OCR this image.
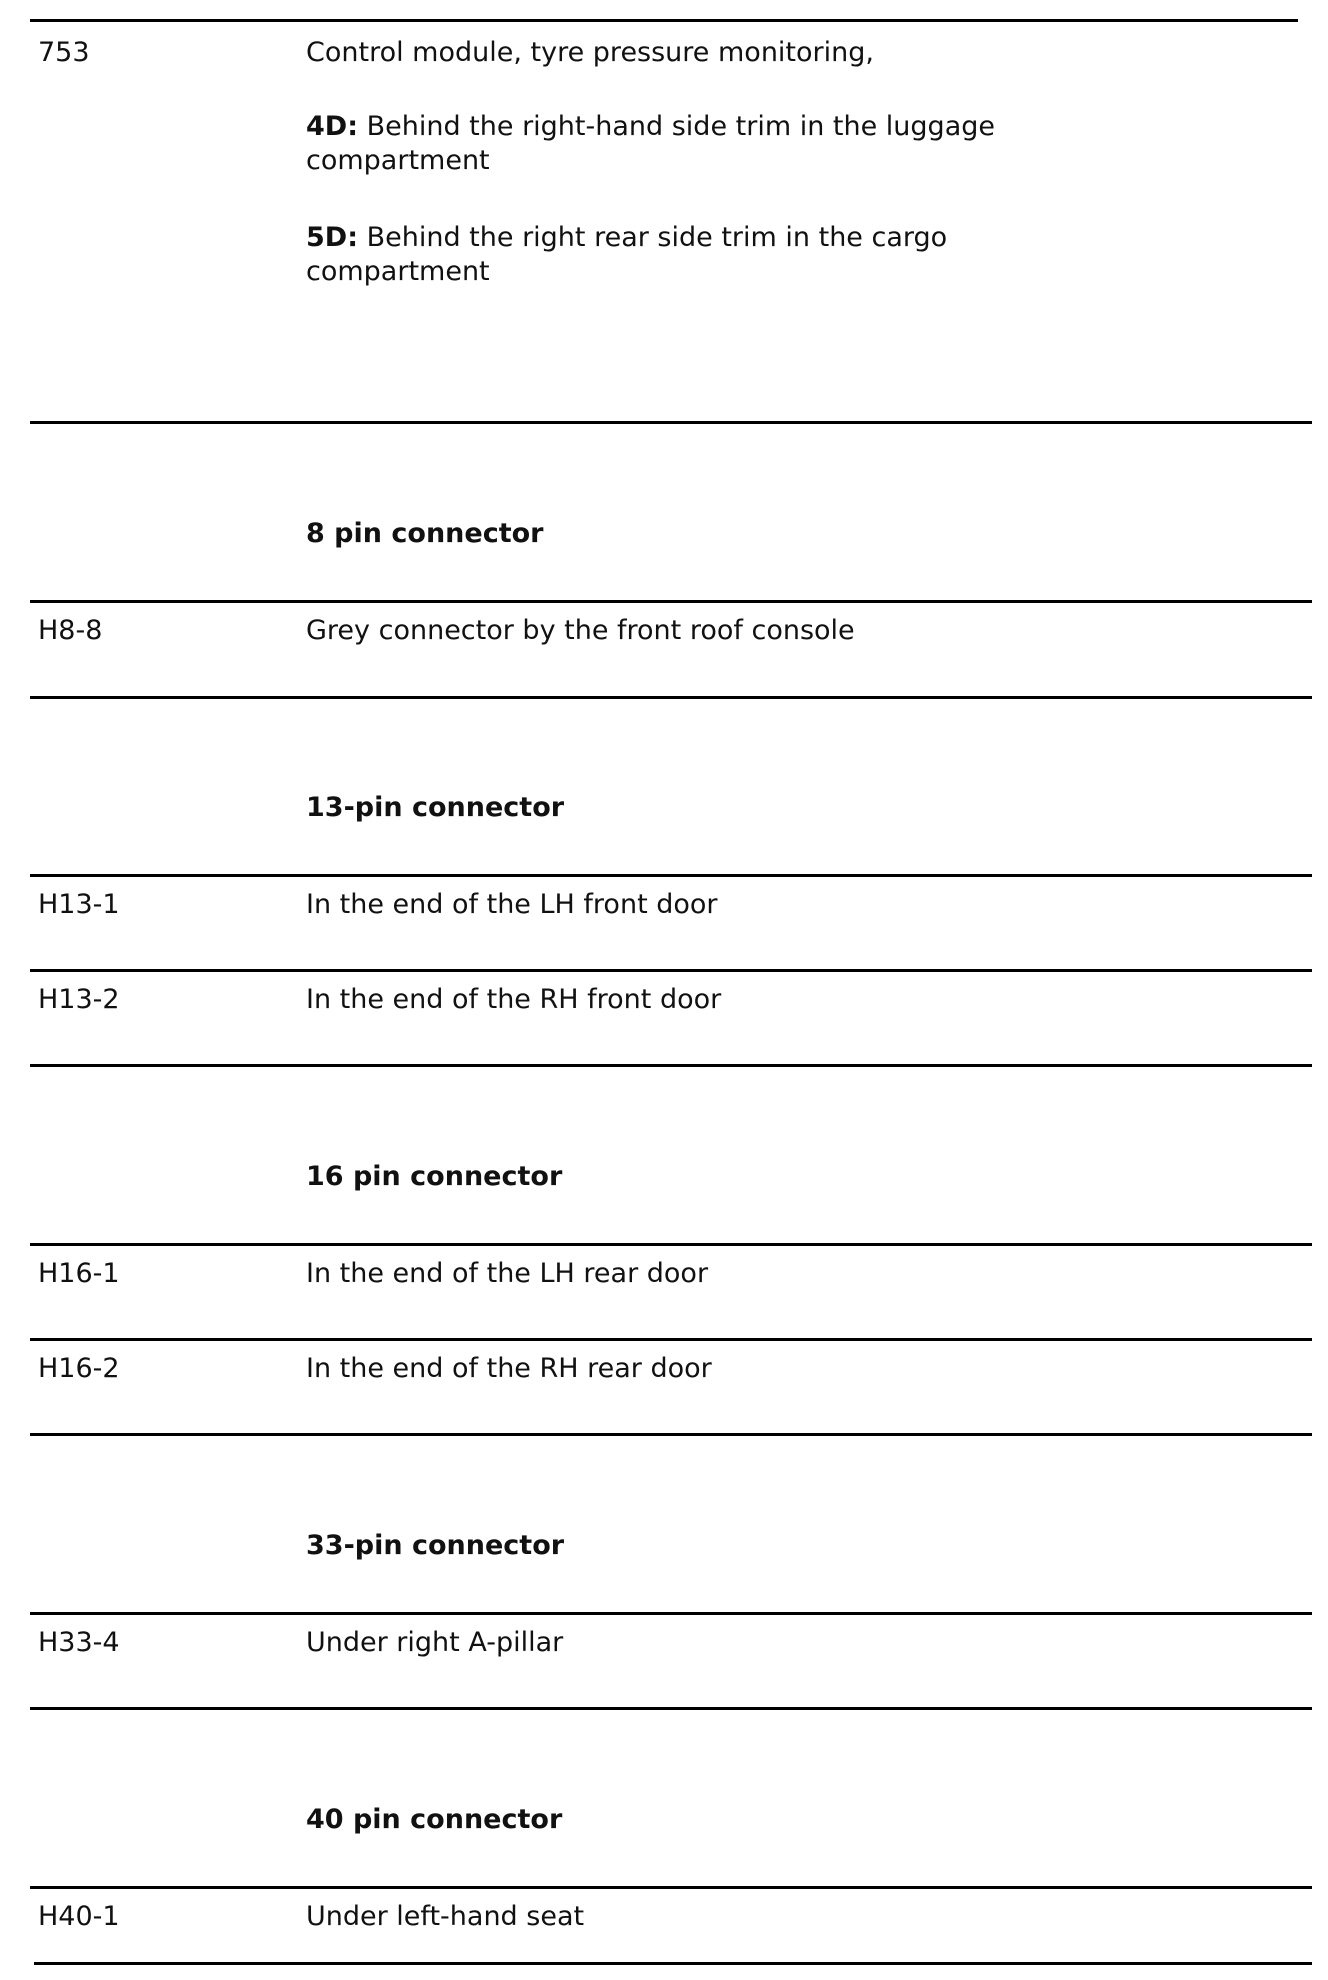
753	Control module, tyre pressure monitoring,
4D: Behind the right-hand side trim in the luggage
compartment
5D: Behind the right rear side trim in the cargo
compartment
8 pin connector
H8-8	Grey connector by the front roof console
13-pin connector
H13-1	In the end of the LH front door
H13-2	In the end of the RH front door
16 pin connector
H16-1	In the end of the LH rear door
H16-2	In the end of the RH rear door
33-pin connector
H33-4	Under right A-pillar
40 pin connector
H40-1	Under left-hand seat
